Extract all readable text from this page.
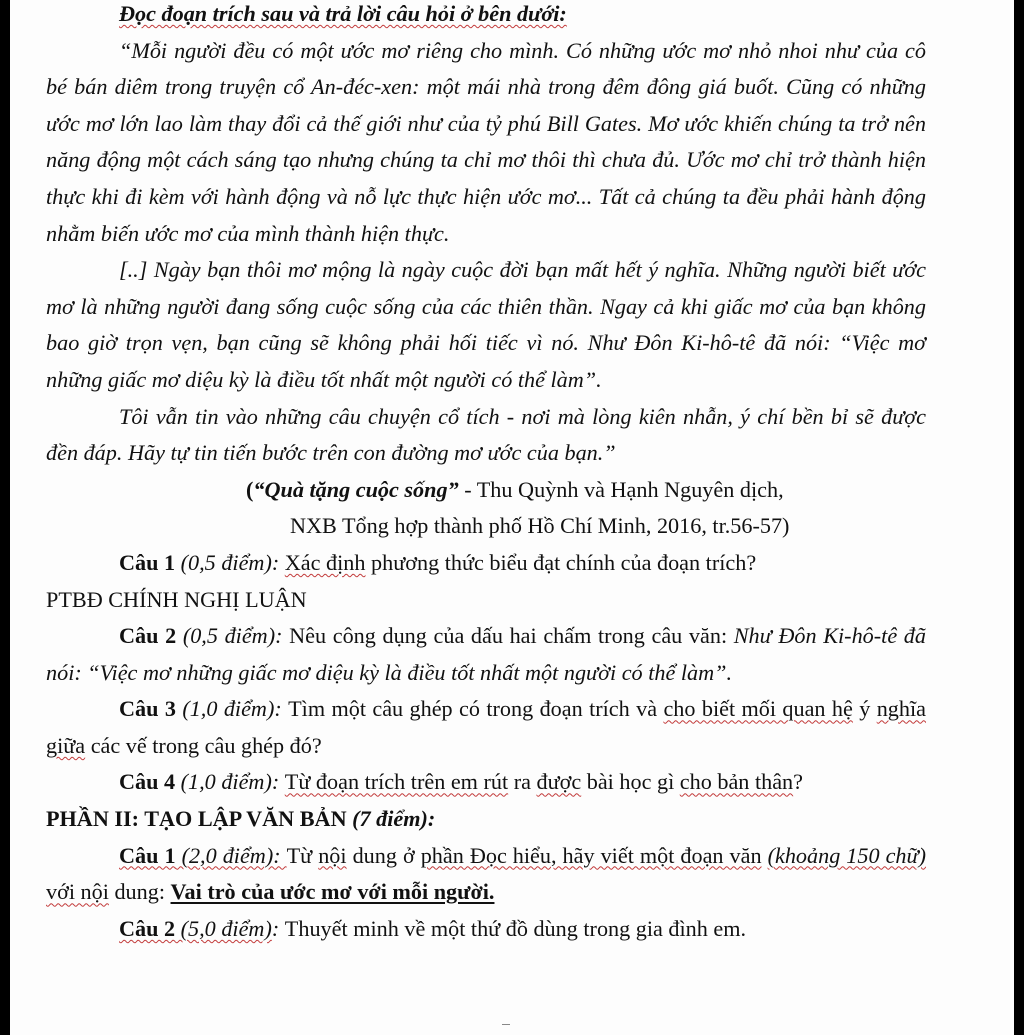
Đọc đoạn trích sau và trả lời câu hỏi ở bên dưới:

“Mỗi người đều có một ước mơ riêng cho mình. Có những ước mơ nhỏ nhoi như của cô bé bán diêm trong truyện cổ An-đéc-xen: một mái nhà trong đêm đông giá buốt. Cũng có những ước mơ lớn lao làm thay đổi cả thế giới như của tỷ phú Bill Gates. Mơ ước khiến chúng ta trở nên năng động một cách sáng tạo nhưng chúng ta chỉ mơ thôi thì chưa đủ. Ước mơ chỉ trở thành hiện thực khi đi kèm với hành động và nỗ lực thực hiện ước mơ... Tất cả chúng ta đều phải hành động nhằm biến ước mơ của mình thành hiện thực.

[..] Ngày bạn thôi mơ mộng là ngày cuộc đời bạn mất hết ý nghĩa. Những người biết ước mơ là những người đang sống cuộc sống của các thiên thần. Ngay cả khi giấc mơ của bạn không bao giờ trọn vẹn, bạn cũng sẽ không phải hối tiếc vì nó. Như Đôn Ki-hô-tê đã nói: “Việc mơ những giấc mơ diệu kỳ là điều tốt nhất một người có thể làm”.

Tôi vẫn tin vào những câu chuyện cổ tích - nơi mà lòng kiên nhẫn, ý chí bền bỉ sẽ được đền đáp. Hãy tự tin tiến bước trên con đường mơ ước của bạn.”

(“Quà tặng cuộc sống” - Thu Quỳnh và Hạnh Nguyên dịch,

NXB Tổng hợp thành phố Hồ Chí Minh, 2016, tr.56-57)

Câu 1 (0,5 điểm): Xác định phương thức biểu đạt chính của đoạn trích?

PTBĐ CHÍNH NGHỊ LUẬN

Câu 2 (0,5 điểm): Nêu công dụng của dấu hai chấm trong câu văn: Như Đôn Ki-hô-tê đã nói: “Việc mơ những giấc mơ diệu kỳ là điều tốt nhất một người có thể làm”.

Câu 3 (1,0 điểm): Tìm một câu ghép có trong đoạn trích và cho biết mối quan hệ ý nghĩa giữa các vế trong câu ghép đó?

Câu 4 (1,0 điểm): Từ đoạn trích trên em rút ra được bài học gì cho bản thân?

PHẦN II: TẠO LẬP VĂN BẢN (7 điểm):

Câu 1 (2,0 điểm): Từ nội dung ở phần Đọc hiểu, hãy viết một đoạn văn (khoảng 150 chữ) với nội dung: Vai trò của ước mơ với mỗi người.

Câu 2 (5,0 điểm): Thuyết minh về một thứ đồ dùng trong gia đình em.
